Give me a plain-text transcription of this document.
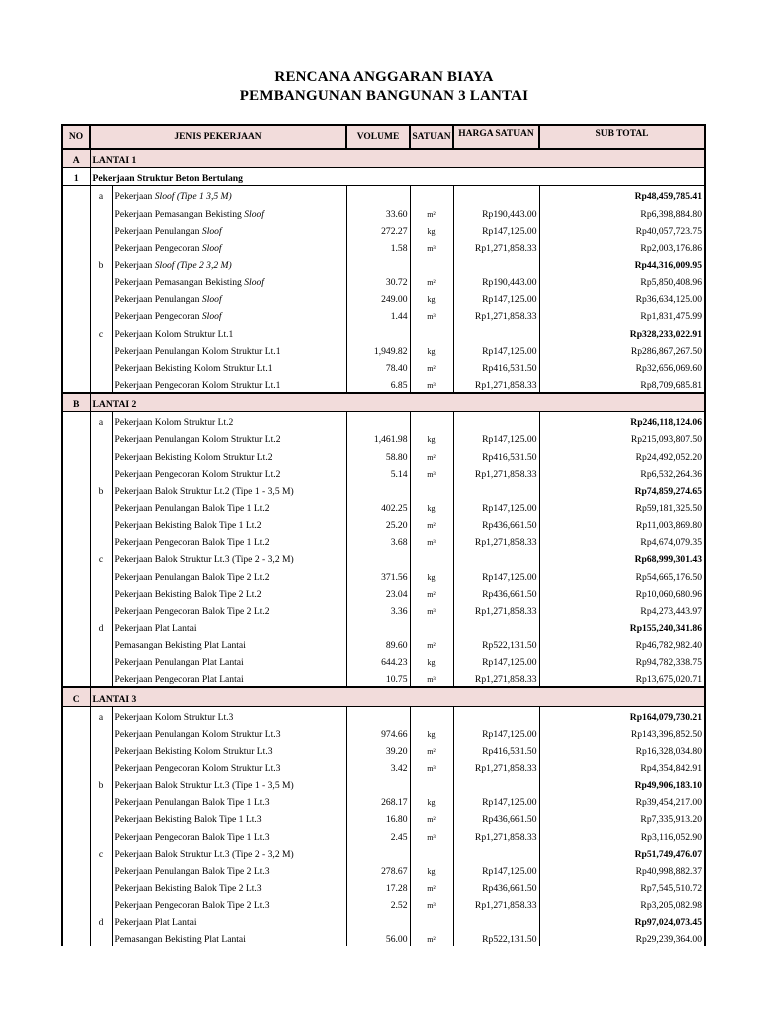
RENCANA ANGGARAN BIAYA
PEMBANGUNAN BANGUNAN 3 LANTAI
NO	JENIS PEKERJAAN		VOLUME	SATUAN	HARGA SATUAN	SUB TOTAL
A	LANTAI 1					
1	Pekerjaan Struktur Beton Bertulang					
	a	Pekerjaan Sloof (Tipe 1 3,5 M)				Rp48,459,785.41
		Pekerjaan Pemasangan Bekisting Sloof	33.60	m²	Rp190,443.00	Rp6,398,884.80
		Pekerjaan Penulangan Sloof	272.27	kg	Rp147,125.00	Rp40,057,723.75
		Pekerjaan Pengecoran Sloof	1.58	m³	Rp1,271,858.33	Rp2,003,176.86
	b	Pekerjaan Sloof (Tipe 2 3,2 M)				Rp44,316,009.95
		Pekerjaan Pemasangan Bekisting Sloof	30.72	m²	Rp190,443.00	Rp5,850,408.96
		Pekerjaan Penulangan Sloof	249.00	kg	Rp147,125.00	Rp36,634,125.00
		Pekerjaan Pengecoran Sloof	1.44	m³	Rp1,271,858.33	Rp1,831,475.99
	c	Pekerjaan Kolom Struktur Lt.1				Rp328,233,022.91
		Pekerjaan Penulangan Kolom Struktur Lt.1	1,949.82	kg	Rp147,125.00	Rp286,867,267.50
		Pekerjaan Bekisting Kolom Struktur Lt.1	78.40	m²	Rp416,531.50	Rp32,656,069.60
		Pekerjaan Pengecoran Kolom Struktur Lt.1	6.85	m³	Rp1,271,858.33	Rp8,709,685.81
B	LANTAI 2					
	a	Pekerjaan Kolom Struktur Lt.2				Rp246,118,124.06
		Pekerjaan Penulangan Kolom Struktur Lt.2	1,461.98	kg	Rp147,125.00	Rp215,093,807.50
		Pekerjaan Bekisting Kolom Struktur Lt.2	58.80	m²	Rp416,531.50	Rp24,492,052.20
		Pekerjaan Pengecoran Kolom Struktur Lt.2	5.14	m³	Rp1,271,858.33	Rp6,532,264.36
	b	Pekerjaan Balok Struktur Lt.2 (Tipe 1 - 3,5 M)				Rp74,859,274.65
		Pekerjaan Penulangan Balok Tipe 1 Lt.2	402.25	kg	Rp147,125.00	Rp59,181,325.50
		Pekerjaan Bekisting Balok Tipe 1 Lt.2	25.20	m²	Rp436,661.50	Rp11,003,869.80
		Pekerjaan Pengecoran Balok Tipe 1 Lt.2	3.68	m³	Rp1,271,858.33	Rp4,674,079.35
	c	Pekerjaan Balok Struktur Lt.3 (Tipe 2 - 3,2 M)				Rp68,999,301.43
		Pekerjaan Penulangan Balok Tipe 2 Lt.2	371.56	kg	Rp147,125.00	Rp54,665,176.50
		Pekerjaan Bekisting Balok Tipe 2 Lt.2	23.04	m²	Rp436,661.50	Rp10,060,680.96
		Pekerjaan Pengecoran Balok Tipe 2 Lt.2	3.36	m³	Rp1,271,858.33	Rp4,273,443.97
	d	Pekerjaan Plat Lantai				Rp155,240,341.86
		Pemasangan Bekisting Plat Lantai	89.60	m²	Rp522,131.50	Rp46,782,982.40
		Pekerjaan Penulangan Plat Lantai	644.23	kg	Rp147,125.00	Rp94,782,338.75
		Pekerjaan Pengecoran Plat Lantai	10.75	m³	Rp1,271,858.33	Rp13,675,020.71
C	LANTAI 3					
	a	Pekerjaan Kolom Struktur Lt.3				Rp164,079,730.21
		Pekerjaan Penulangan Kolom Struktur Lt.3	974.66	kg	Rp147,125.00	Rp143,396,852.50
		Pekerjaan Bekisting Kolom Struktur Lt.3	39.20	m²	Rp416,531.50	Rp16,328,034.80
		Pekerjaan Pengecoran Kolom Struktur Lt.3	3.42	m³	Rp1,271,858.33	Rp4,354,842.91
	b	Pekerjaan Balok Struktur Lt.3 (Tipe 1 - 3,5 M)				Rp49,906,183.10
		Pekerjaan Penulangan Balok Tipe 1 Lt.3	268.17	kg	Rp147,125.00	Rp39,454,217.00
		Pekerjaan Bekisting Balok Tipe 1 Lt.3	16.80	m²	Rp436,661.50	Rp7,335,913.20
		Pekerjaan Pengecoran Balok Tipe 1 Lt.3	2.45	m³	Rp1,271,858.33	Rp3,116,052.90
	c	Pekerjaan Balok Struktur Lt.3 (Tipe 2 - 3,2 M)				Rp51,749,476.07
		Pekerjaan Penulangan Balok Tipe 2 Lt.3	278.67	kg	Rp147,125.00	Rp40,998,882.37
		Pekerjaan Bekisting Balok Tipe 2 Lt.3	17.28	m²	Rp436,661.50	Rp7,545,510.72
		Pekerjaan Pengecoran Balok Tipe 2 Lt.3	2.52	m³	Rp1,271,858.33	Rp3,205,082.98
	d	Pekerjaan Plat Lantai				Rp97,024,073.45
		Pemasangan Bekisting Plat Lantai	56.00	m²	Rp522,131.50	Rp29,239,364.00
